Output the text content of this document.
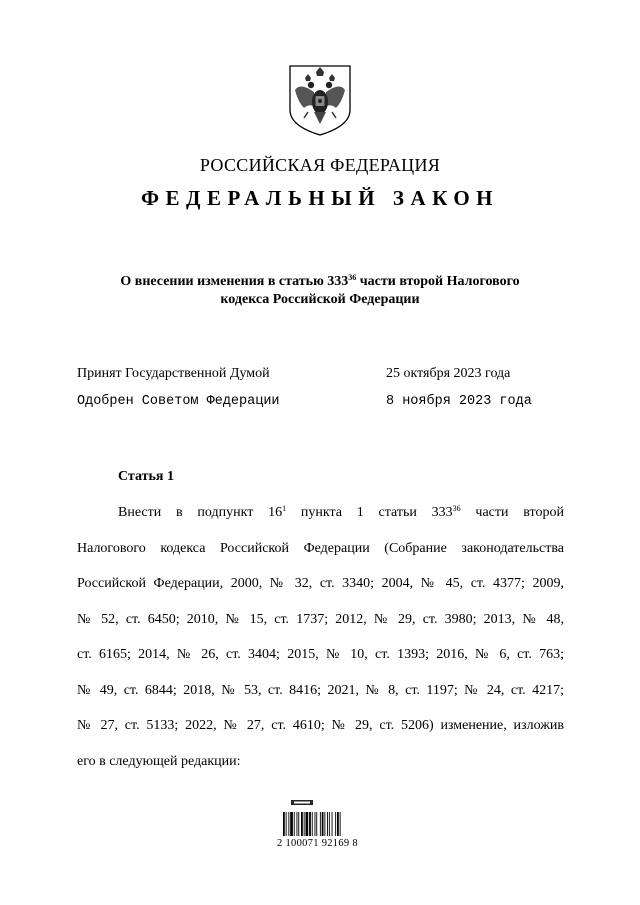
РОССИЙСКАЯ ФЕДЕРАЦИЯ
ФЕДЕРАЛЬНЫЙ ЗАКОН
О внесении изменения в статью $333^{36}$ части второй Налогового
кодекса Российской Федерации
Принят Государственной Думой	25 октября 2023 года
Одобрен Советом Федерации	8 ноября 2023 года
Статья 1
Внести в подпункт $16^1$ пункта 1 статьи $333^{36}$ части второй
Налогового кодекса Российской Федерации (Собрание законодательства
Российской Федерации, 2000, № 32, ст. 3340; 2004, № 45, ст. 4377; 2009,
№ 52, ст. 6450; 2010, № 15, ст. 1737; 2012, № 29, ст. 3980; 2013, № 48,
ст. 6165; 2014, № 26, ст. 3404; 2015, № 10, ст. 1393; 2016, № 6, ст. 763;
№ 49, ст. 6844; 2018, № 53, ст. 8416; 2021, № 8, ст. 1197; № 24, ст. 4217;
№ 27, ст. 5133; 2022, № 27, ст. 4610; № 29, ст. 5206) изменение, изложив
его в следующей редакции:
2 100071 92169 8
